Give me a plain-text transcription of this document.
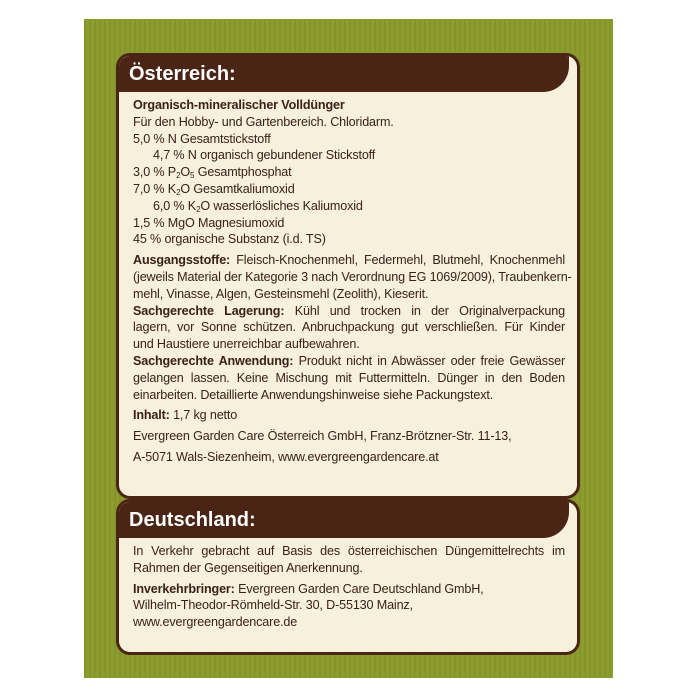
Österreich:
Organisch-mineralischer Volldünger
Für den Hobby- und Gartenbereich. Chloridarm.
5,0 % N Gesamtstickstoff
4,7 % N organisch gebundener Stickstoff
3,0 % $P_2O_5$ Gesamtphosphat
7,0 % $K_2O$ Gesamtkaliumoxid
6,0 % $K_2O$ wasserlösliches Kaliumoxid
1,5 % MgO Magnesiumoxid
45 % organische Substanz (i.d. TS)
Ausgangsstoffe: Fleisch-Knochenmehl, Federmehl, Blutmehl, Knochenmehl
(jeweils Material der Kategorie 3 nach Verordnung EG 1069/2009), Traubenkern-
mehl, Vinasse, Algen, Gesteinsmehl (Zeolith), Kieserit.
Sachgerechte Lagerung: Kühl und trocken in der Originalverpackung
lagern, vor Sonne schützen. Anbruchpackung gut verschließen. Für Kinder
und Haustiere unerreichbar aufbewahren.
Sachgerechte Anwendung: Produkt nicht in Abwässer oder freie Gewässer
gelangen lassen. Keine Mischung mit Futtermitteln. Dünger in den Boden
einarbeiten. Detaillierte Anwendungshinweise siehe Packungstext.
Inhalt: 1,7 kg netto
Evergreen Garden Care Österreich GmbH, Franz-Brötzner-Str. 11-13,
A-5071 Wals-Siezenheim, www.evergreengardencare.at
Deutschland:
In Verkehr gebracht auf Basis des österreichischen Düngemittelrechts im
Rahmen der Gegenseitigen Anerkennung.
Inverkehrbringer: Evergreen Garden Care Deutschland GmbH,
Wilhelm-Theodor-Römheld-Str. 30, D-55130 Mainz,
www.evergreengardencare.de
